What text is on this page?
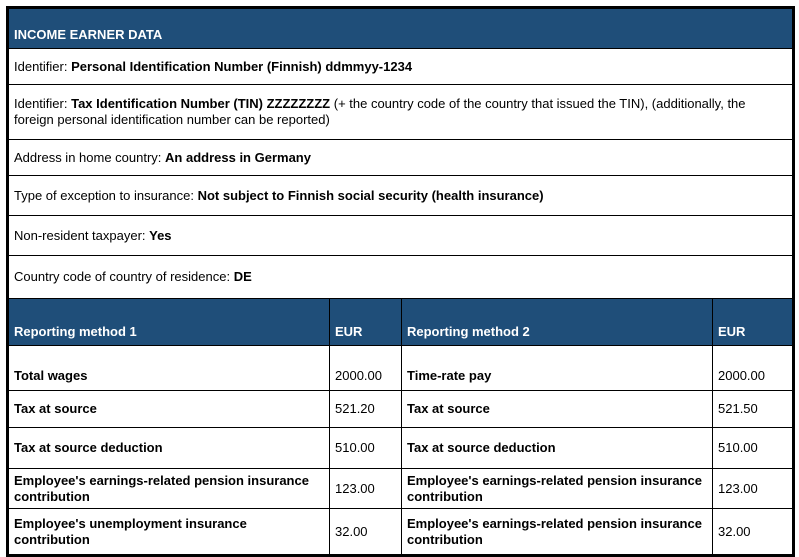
INCOME EARNER DATA
Identifier: Personal Identification Number (Finnish) ddmmyy-1234
Identifier: Tax Identification Number (TIN) ZZZZZZZZ (+ the country code of the country that issued the TIN), (additionally, the foreign personal identification number can be reported)
Address in home country: An address in Germany
Type of exception to insurance: Not subject to Finnish social security (health insurance)
Non-resident taxpayer: Yes
Country code of country of residence: DE
Reporting method 1	EUR	Reporting method 2	EUR
Total wages	2000.00	Time-rate pay	2000.00
Tax at source	521.20	Tax at source	521.50
Tax at source deduction	510.00	Tax at source deduction	510.00
Employee's earnings-related pension insurance contribution	123.00	Employee's earnings-related pension insurance contribution	123.00
Employee's unemployment insurance contribution	32.00	Employee's earnings-related pension insurance contribution	32.00
